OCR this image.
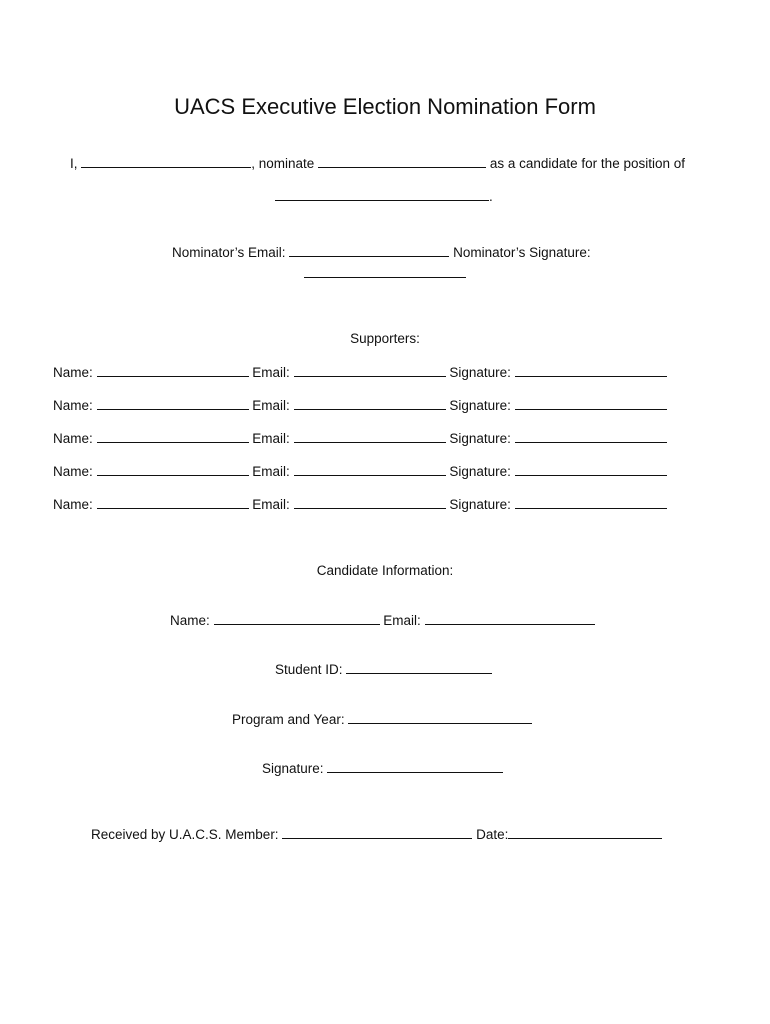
UACS Executive Election Nomination Form
I,	, nominate	as a candidate for the position of
.
Nominator’s Email:	Nominator’s Signature:
Supporters:
Name:	Email:	Signature:
Name:	Email:	Signature:
Name:	Email:	Signature:
Name:	Email:	Signature:
Name:	Email:	Signature:
Candidate Information:
Name:	Email:
Student ID:
Program and Year:
Signature:
Received by U.A.C.S. Member:	Date:
